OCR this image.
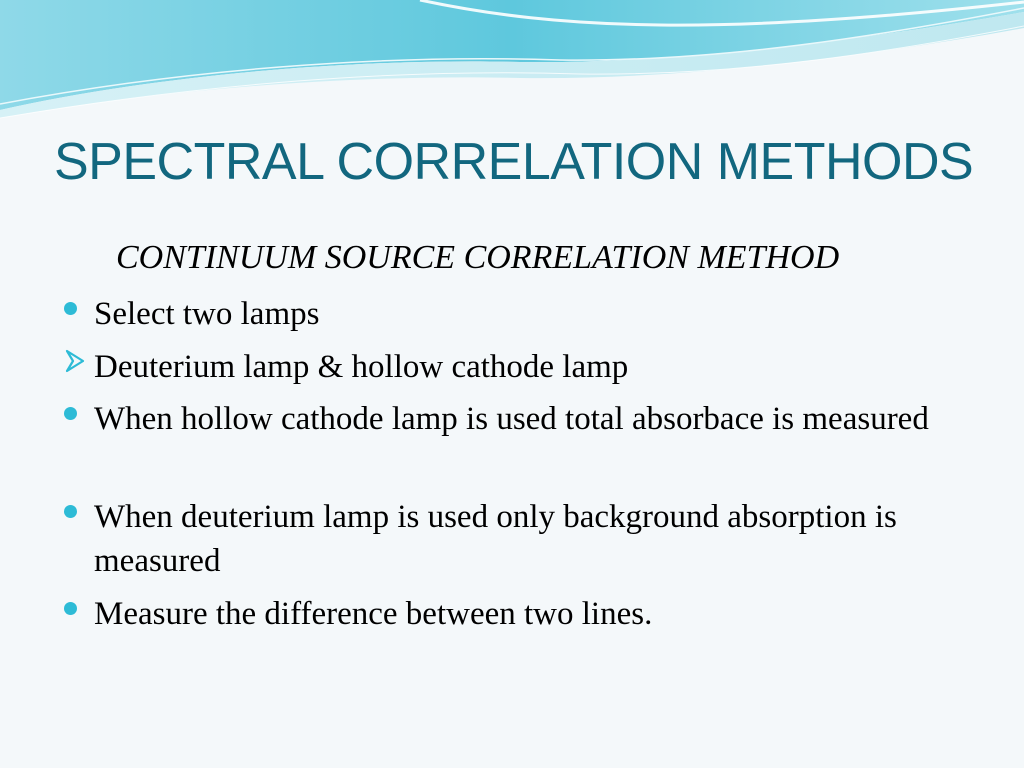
SPECTRAL CORRELATION METHODS

CONTINUUM SOURCE CORRELATION METHOD

Select two lamps

Deuterium lamp & hollow cathode lamp

When hollow cathode lamp is used total absorbace is measured

When deuterium lamp is used only background absorption is measured

Measure the difference between two lines.
